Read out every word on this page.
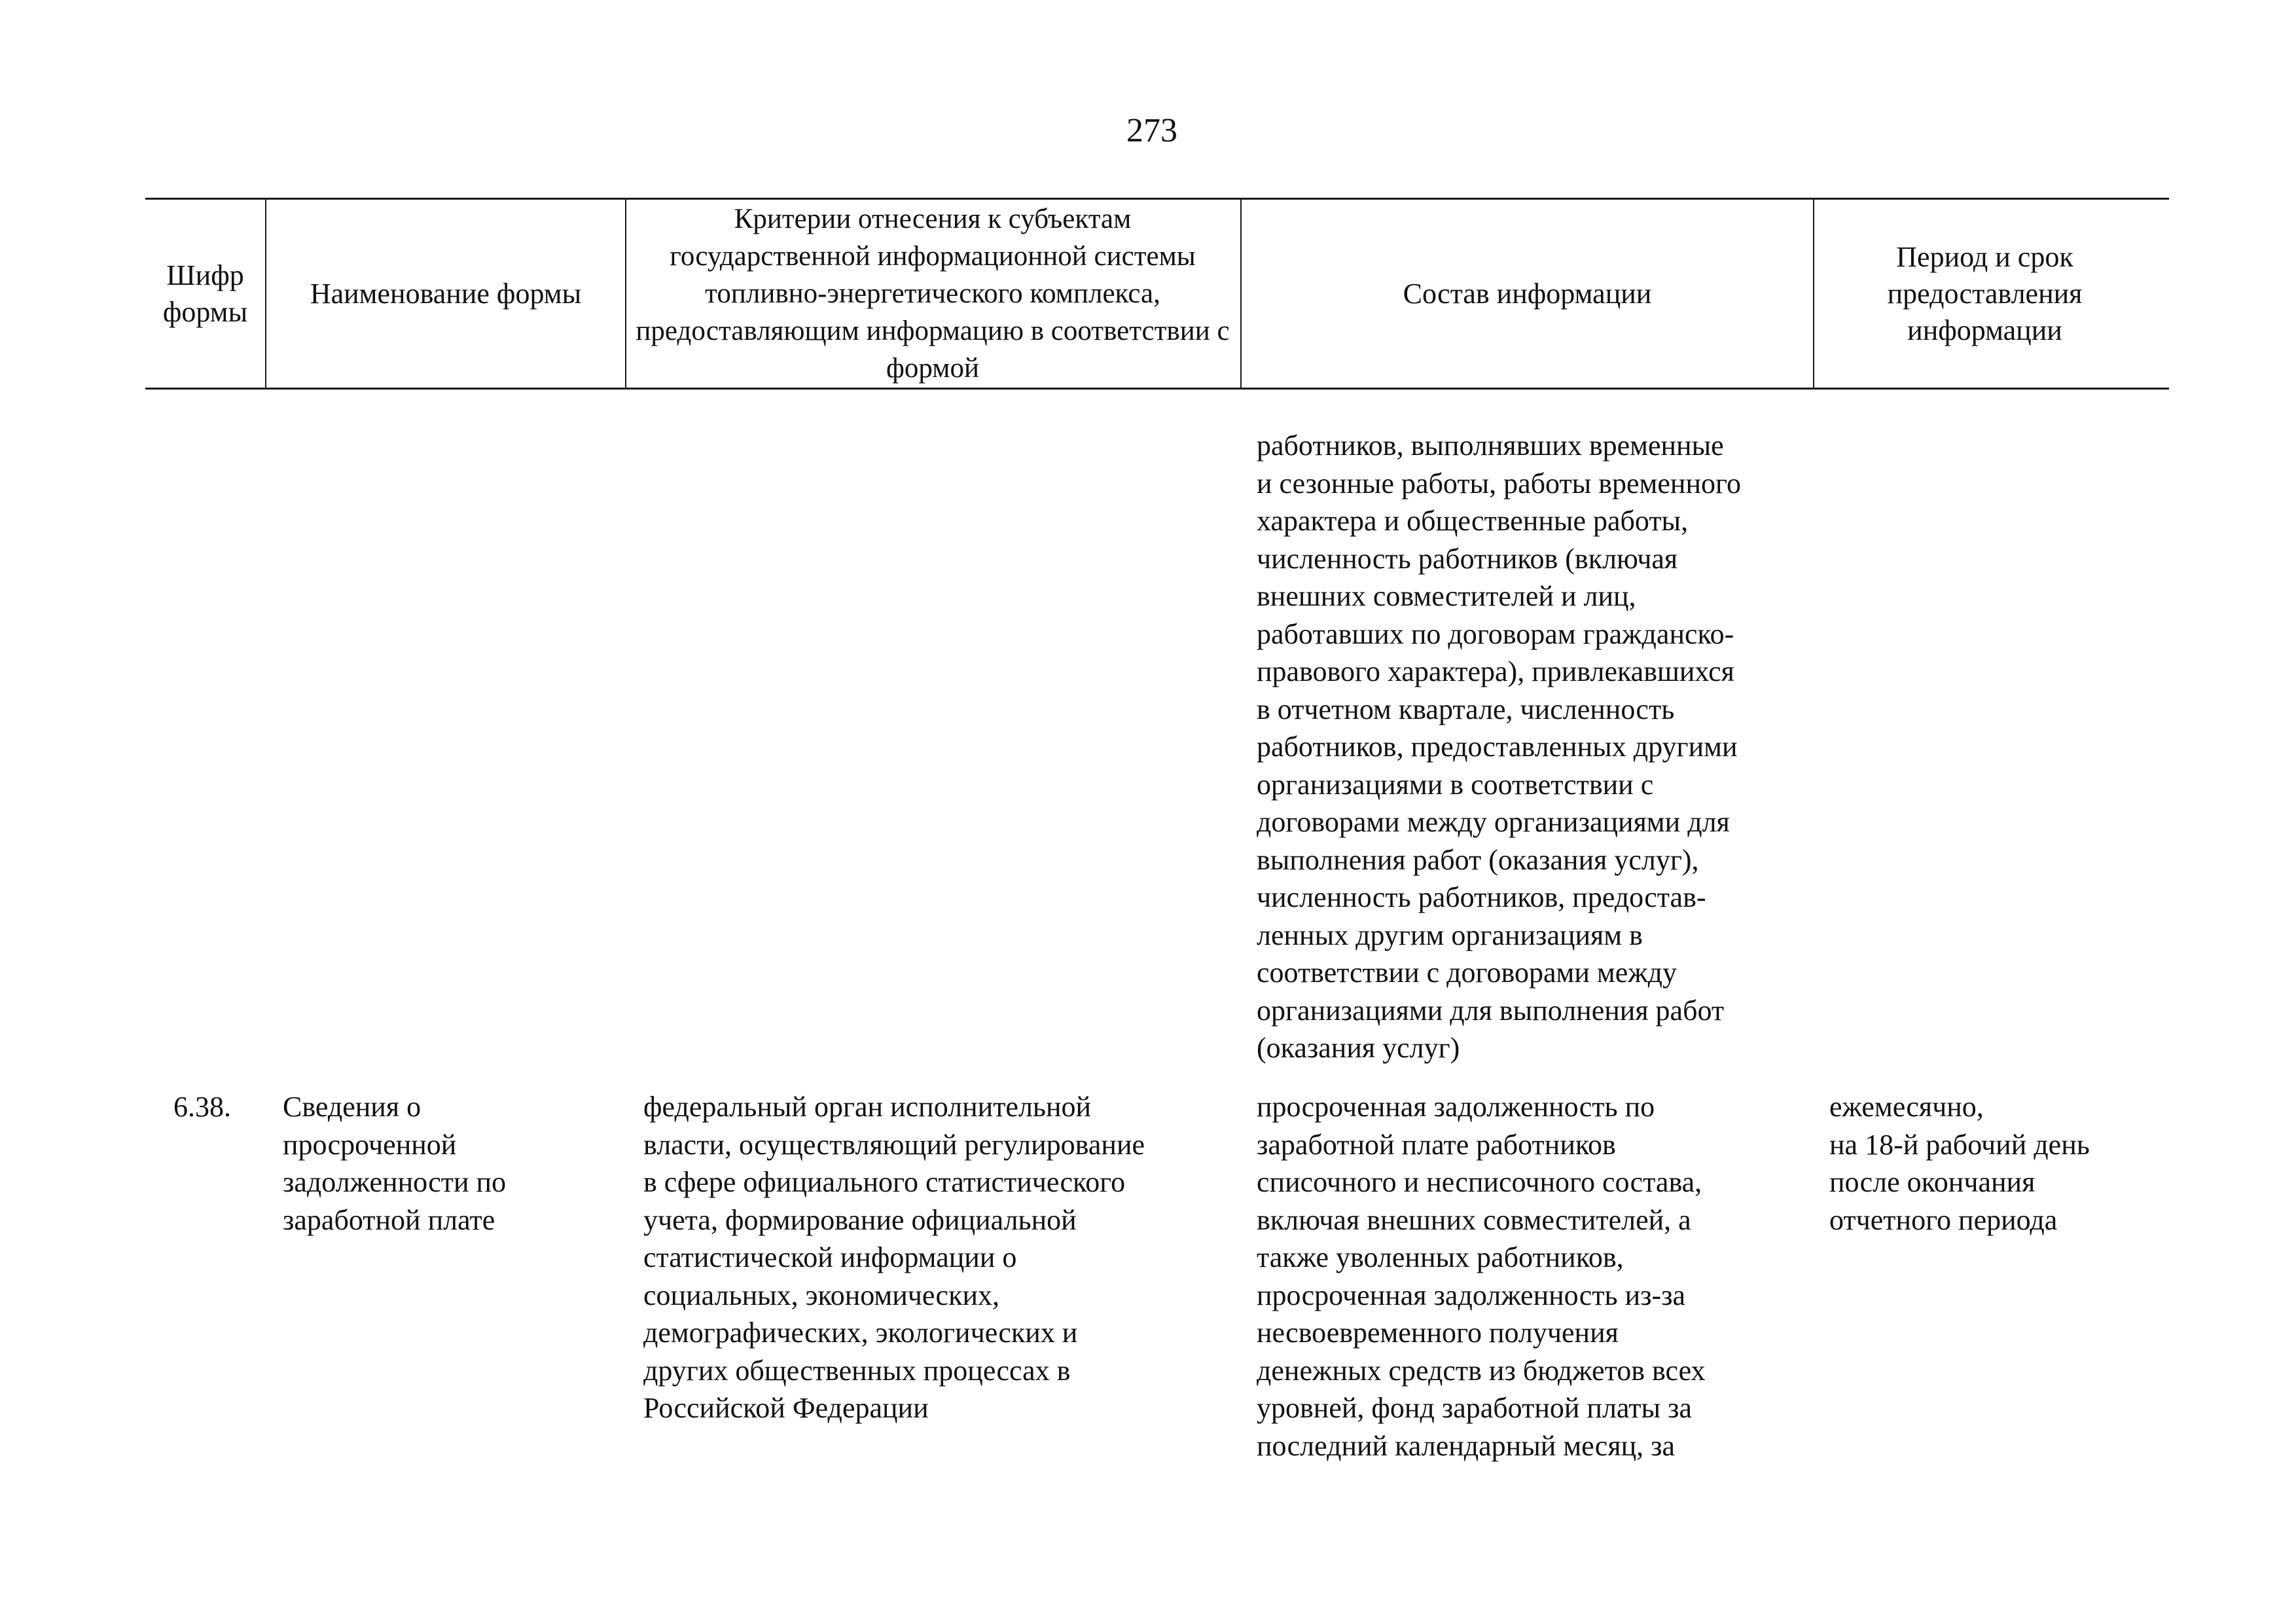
273
Шифр
формы
Наименование формы
Критерии отнесения к субъектам государственной информационной системы топливно-энергетического комплекса, предоставляющим информацию в соответствии с формой
Состав информации
Период и срок предоставления информации
работников, выполнявших временные
и сезонные работы, работы временного
характера и общественные работы,
численность работников (включая
внешних совместителей и лиц,
работавших по договорам гражданско-
правового характера), привлекавшихся
в отчетном квартале, численность
работников, предоставленных другими
организациями в соответствии с
договорами между организациями для
выполнения работ (оказания услуг),
численность работников, предостав-
ленных другим организациям в
соответствии с договорами между
организациями для выполнения работ
(оказания услуг)
6.38.	Сведения о
просроченной
задолженности по
заработной плате
федеральный орган исполнительной
власти, осуществляющий регулирование
в сфере официального статистического
учета, формирование официальной
статистической информации о
социальных, экономических,
демографических, экологических и
других общественных процессах в
Российской Федерации
просроченная задолженность по
заработной плате работников
списочного и несписочного состава,
включая внешних совместителей, а
также уволенных работников,
просроченная задолженность из-за
несвоевременного получения
денежных средств из бюджетов всех
уровней, фонд заработной платы за
последний календарный месяц, за
ежемесячно,
на 18-й рабочий день
после окончания
отчетного периода
